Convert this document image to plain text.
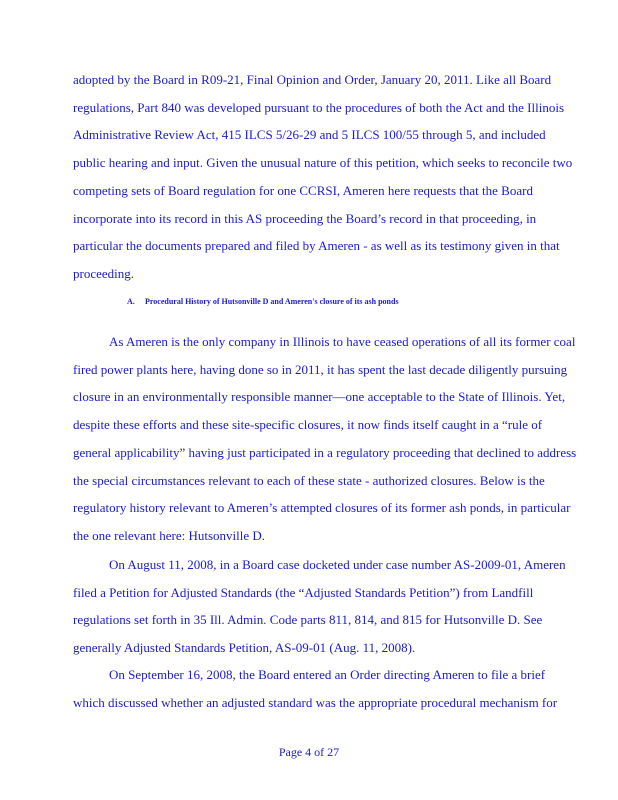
adopted by the Board in R09-21, Final Opinion and Order, January 20, 2011. Like all Board regulations, Part 840 was developed pursuant to the procedures of both the Act and the Illinois Administrative Review Act, 415 ILCS 5/26-29 and 5 ILCS 100/55 through 5, and included public hearing and input. Given the unusual nature of this petition, which seeks to reconcile two competing sets of Board regulation for one CCRSI, Ameren here requests that the Board incorporate into its record in this AS proceeding the Board’s record in that proceeding, in particular the documents prepared and filed by Ameren - as well as its testimony given in that proceeding.

A. Procedural History of Hutsonville D and Ameren's closure of its ash ponds

As Ameren is the only company in Illinois to have ceased operations of all its former coal fired power plants here, having done so in 2011, it has spent the last decade diligently pursuing closure in an environmentally responsible manner—one acceptable to the State of Illinois. Yet, despite these efforts and these site-specific closures, it now finds itself caught in a “rule of general applicability” having just participated in a regulatory proceeding that declined to address the special circumstances relevant to each of these state - authorized closures. Below is the regulatory history relevant to Ameren’s attempted closures of its former ash ponds, in particular the one relevant here: Hutsonville D.

On August 11, 2008, in a Board case docketed under case number AS-2009-01, Ameren filed a Petition for Adjusted Standards (the “Adjusted Standards Petition”) from Landfill regulations set forth in 35 Ill. Admin. Code parts 811, 814, and 815 for Hutsonville D. See generally Adjusted Standards Petition, AS-09-01 (Aug. 11, 2008).

On September 16, 2008, the Board entered an Order directing Ameren to file a brief which discussed whether an adjusted standard was the appropriate procedural mechanism for

Page 4 of 27
